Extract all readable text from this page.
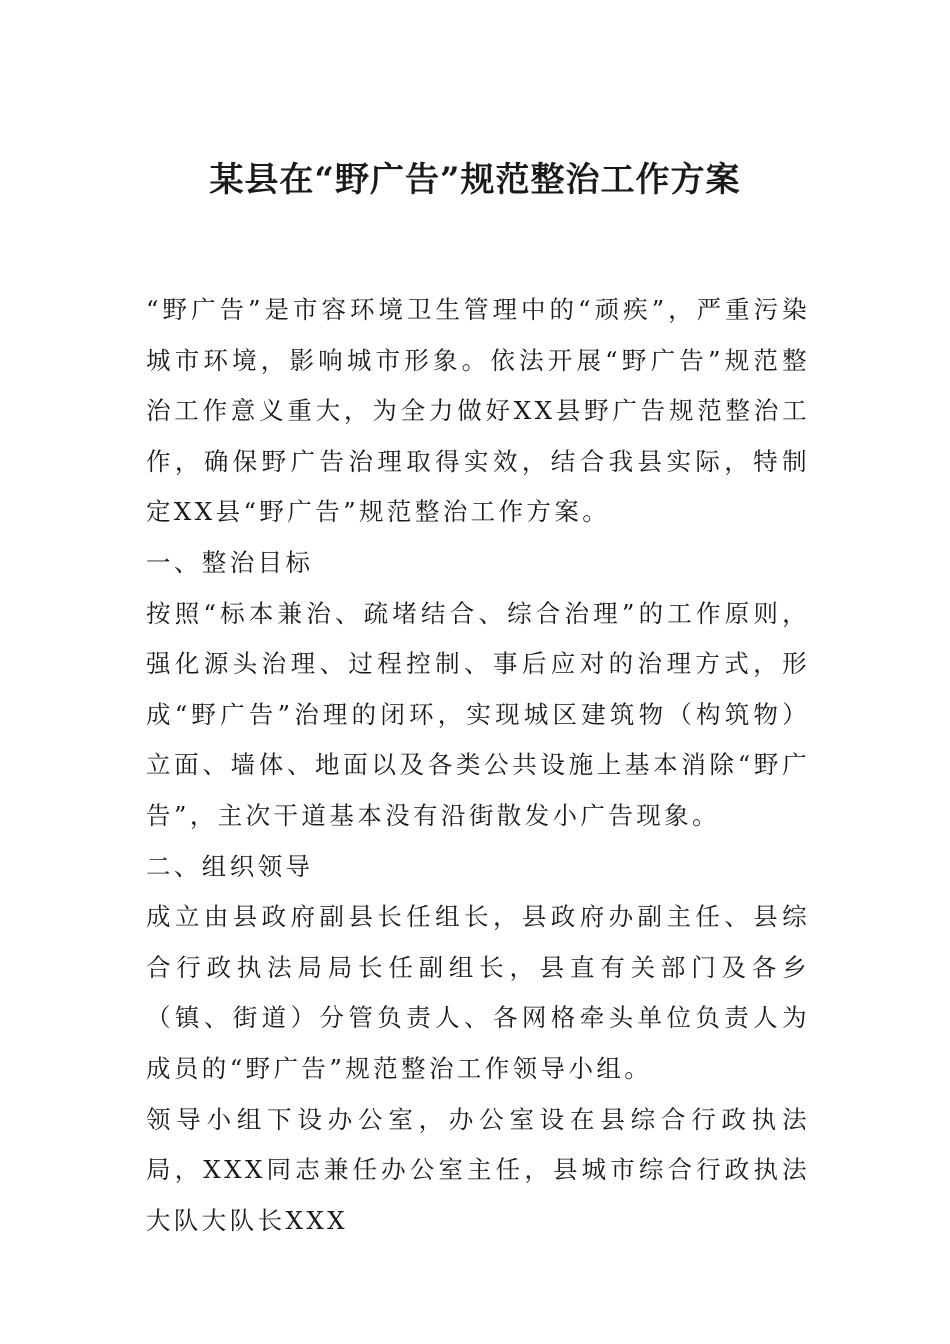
某县在“野广告”规范整治工作方案

“野广告”是市容环境卫生管理中的“顽疾”，严重污染城市环境，影响城市形象。依法开展“野广告”规范整治工作意义重大，为全力做好XX县野广告规范整治工作，确保野广告治理取得实效，结合我县实际，特制定XX县“野广告”规范整治工作方案。

一、整治目标

按照“标本兼治、疏堵结合、综合治理”的工作原则，强化源头治理、过程控制、事后应对的治理方式，形成“野广告”治理的闭环，实现城区建筑物（构筑物）立面、墙体、地面以及各类公共设施上基本消除“野广告”，主次干道基本没有沿街散发小广告现象。

二、组织领导

成立由县政府副县长任组长，县政府办副主任、县综合行政执法局局长任副组长，县直有关部门及各乡（镇、街道）分管负责人、各网格牵头单位负责人为成员的“野广告”规范整治工作领导小组。

领导小组下设办公室，办公室设在县综合行政执法局，XXX同志兼任办公室主任，县城市综合行政执法大队大队长XXX
